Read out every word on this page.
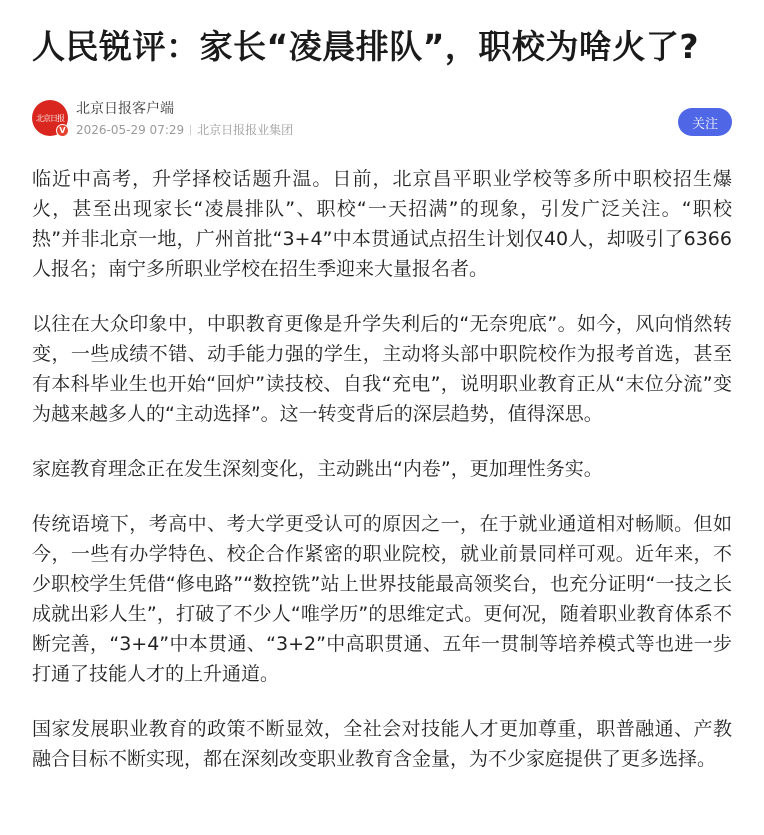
人民锐评：家长“凌晨排队”，职校为啥火了?
北京日报
V
北京日报客户端
2026-05-29 07:29 北京日报报业集团	关注

临近中高考，升学择校话题升温。日前，北京昌平职业学校等多所中职校招生爆火，甚至出现家长“凌晨排队”、职校“一天招满”的现象，引发广泛关注。“职校热”并非北京一地，广州首批“3+4”中本贯通试点招生计划仅40人，却吸引了6366人报名；南宁多所职业学校在招生季迎来大量报名者。

以往在大众印象中，中职教育更像是升学失利后的“无奈兜底”。如今，风向悄然转变，一些成绩不错、动手能力强的学生，主动将头部中职院校作为报考首选，甚至有本科毕业生也开始“回炉”读技校、自我“充电”，说明职业教育正从“末位分流”变为越来越多人的“主动选择”。这一转变背后的深层趋势，值得深思。

家庭教育理念正在发生深刻变化，主动跳出“内卷”，更加理性务实。

传统语境下，考高中、考大学更受认可的原因之一，在于就业通道相对畅顺。但如今，一些有办学特色、校企合作紧密的职业院校，就业前景同样可观。近年来，不少职校学生凭借“修电路”“数控铣”站上世界技能最高领奖台，也充分证明“一技之长成就出彩人生”，打破了不少人“唯学历”的思维定式。更何况，随着职业教育体系不断完善，“3+4”中本贯通、“3+2”中高职贯通、五年一贯制等培养模式等也进一步打通了技能人才的上升通道。

国家发展职业教育的政策不断显效，全社会对技能人才更加尊重，职普融通、产教融合目标不断实现，都在深刻改变职业教育含金量，为不少家庭提供了更多选择。
